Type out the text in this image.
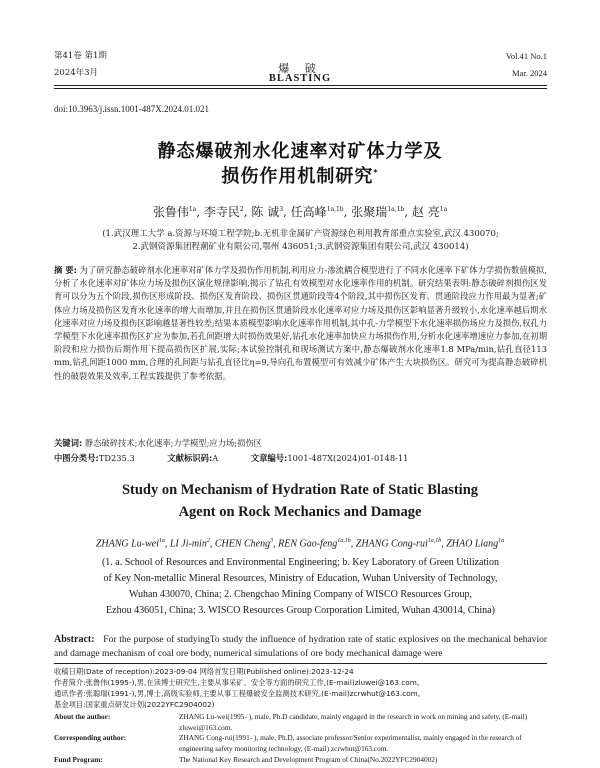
第41卷 第1期
2024年3月	爆 破
BLASTING
Vol.41 No.1
Mar. 2024
doi:10.3963/j.issn.1001-487X.2024.01.021
静态爆破剂水化速率对矿体力学及
损伤作用机制研究*
张鲁伟$^{1a}$, 李寺民$^2$, 陈 诚$^3$, 任高峰$^{1a,1b}$, 张聚瑞$^{1a,1b}$, 赵 亮$^{1a}$
(1.武汉理工大学 a.资源与环境工程学院;b.无机非金属矿产资源绿色利用教育部重点实验室,武汉 430070;
2.武钢资源集团程潮矿业有限公司,鄂州 436051;3.武钢资源集团有限公司,武汉 430014)
摘 要: 为了研究静态破碎剂水化速率对矿体力学及损伤作用机制,利用应力-渗流耦合模型进行了不同水化速率下矿体力学损伤数值模拟,分析了水化速率对矿体应力场及损伤区演化规律影响,揭示了钻孔有效模型对水化速率作用的机制。研究结果表明:静态破碎剂损伤区发育可以分为五个阶段,损伤区形成阶段、损伤区发育阶段、损伤区贯通阶段等4个阶段,其中损伤区发育、贯通阶段应力作用最为显著;矿体应力场及损伤区发育水化速率的增大而增加,并且在损伤区贯通阶段水化速率对应力场及损伤区影响显著升级较小,水化速率越后期水化速率对应力场及损伤区影响越显著性较差;结果本质模型影响水化速率作用机制,其中孔-力学模型下水化速率损伤场应力及损伤,权孔力学模型下水化速率损伤区扩应为参加,若孔间距增大时损伤效果好,钻孔水化速率加快应力场损伤作用,分析水化速率增速应力参加,在初期阶段和应力损伤后期作用下提高损伤区扩展,实际;本试验控制孔和现场测试方案中,静态爆破剂水化速率1.8 MPa/min,钻孔直径113 mm,钻孔间距1000 mm,合理的孔间距与钻孔直径比η=9,导向孔布置模型可有效减少矿体产生大块损伤区。研究可为提高静态破碎机性的破裂效果及效率,工程实践提供了参考依据。
关键词: 静态破碎技术;水化速率;力学模型;应力场;损伤区
中图分类号:TD235.3	文献标识码:A	文章编号:1001-487X(2024)01-0148-11
Study on Mechanism of Hydration Rate of Static Blasting
Agent on Rock Mechanics and Damage
ZHANG Lu-wei$^{1a}$, LI $Ji-\min^2$, CHEN Cheng$^3$, REN Gao-feng$^{1a,1b}$, ZHANG Cong-rui$^{1a,1b}$, ZHAO Liang$^{1a}$
(1. a. School of Resources and Environmental Engineering; b. Key Laboratory of Green Utilization
of Key Non-metallic Mineral Resources, Ministry of Education, Wuhan University of Technology,
Wuhan 430070, China; 2. Chengchao Mining Company of WISCO Resources Group,
Ezhou 436051, China; 3. WISCO Resources Group Corporation Limited, Wuhan 430014, China)
Abstract: For the purpose of studyingTo study the influence of hydration rate of static explosives on the mechanical behavior and damage mechanism of coal ore body, numerical simulations of ore body mechanical damage were
收稿日期(Date of reception):2023-09-04 网络首发日期(Published online):2023-12-24
作者简介:张鲁伟(1995-),男,在读博士研究生,主要从事采矿、安全等方面的研究工作,(E-mail)zluwei@163.com。
通讯作者:张聪瑞(1991-),男,博士,高级实验师,主要从事工程爆破安全监测技术研究,(E-mail)zcrwhut@163.com。
基金项目:国家重点研发计划(2022YFC2904002)
About the author:	ZHANG Lu-wei(1995- ), male, Ph.D candidate, mainly engaged in the research in work on mining and safety, (E-mail) zluwei@163.com.
Corresponding author:	ZHANG Cong-rui(1991- ), male, Ph.D, associate professor/Senior experimentalist, mainly engaged in the research of engineering safety monitoring technology, (E-mail) zcrwhut@163.com.
Fund Program:	The National Key Research and Development Program of China(No.2022YFC2904002)
